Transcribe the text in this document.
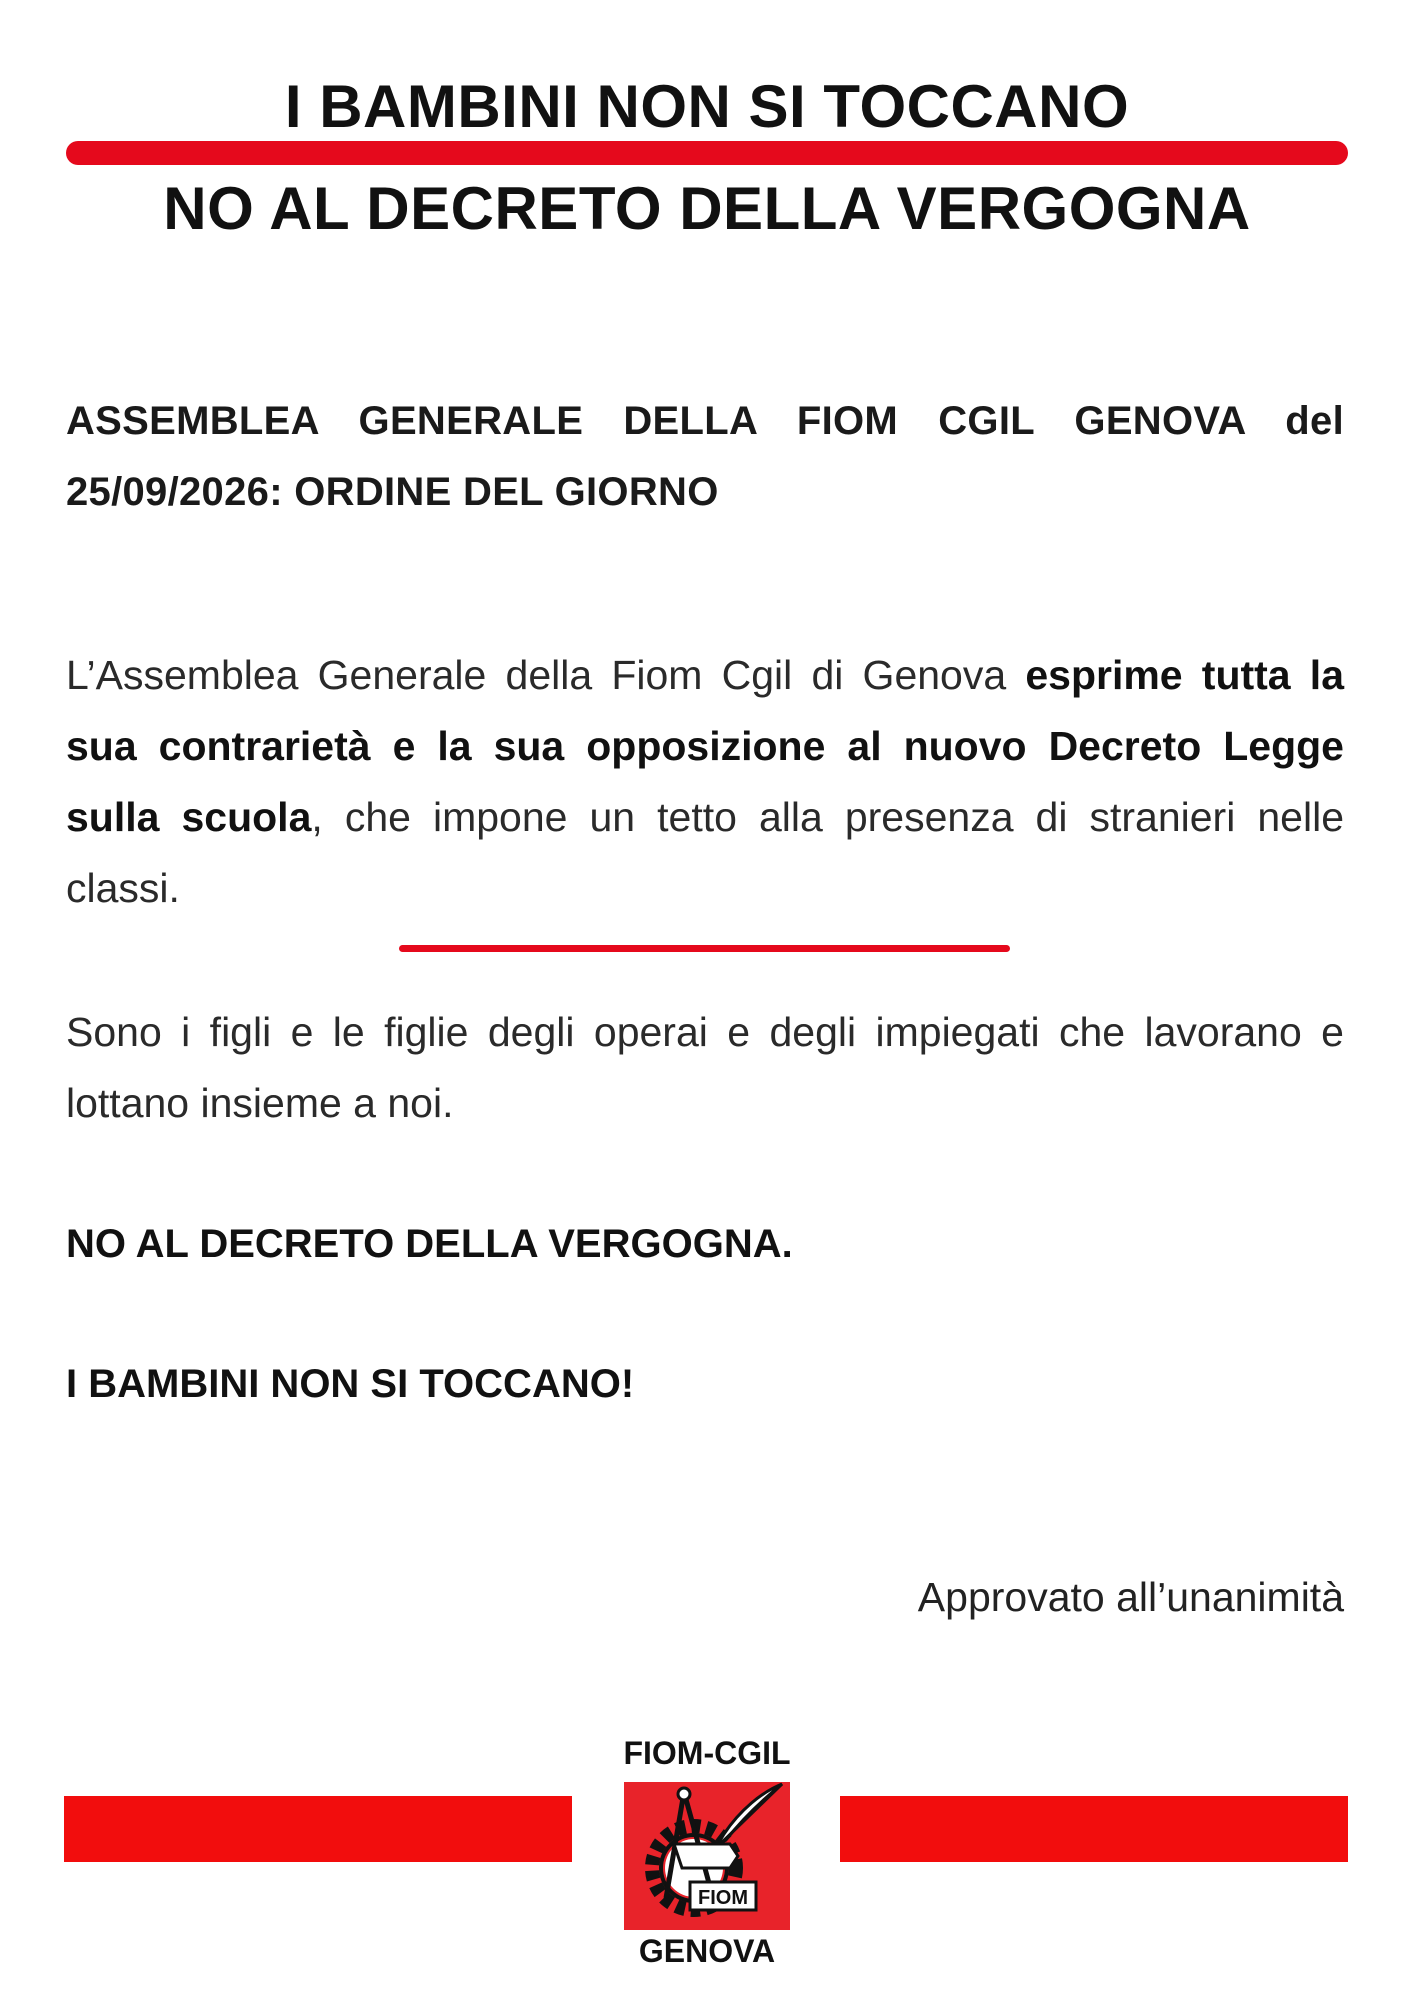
I BAMBINI NON SI TOCCANO
NO AL DECRETO DELLA VERGOGNA
ASSEMBLEA GENERALE DELLA FIOM CGIL GENOVA del 25/09/2026: ORDINE DEL GIORNO
L’Assemblea Generale della Fiom Cgil di Genova esprime tutta la sua contrarietà e la sua opposizione al nuovo Decreto Legge sulla scuola, che impone un tetto alla presenza di stranieri nelle classi.
Sono i figli e le figlie degli operai e degli impiegati che lavorano e lottano insieme a noi.
NO AL DECRETO DELLA VERGOGNA.
I BAMBINI NON SI TOCCANO!
Approvato all’unanimità
FIOM-CGIL
FIOM
GENOVA
